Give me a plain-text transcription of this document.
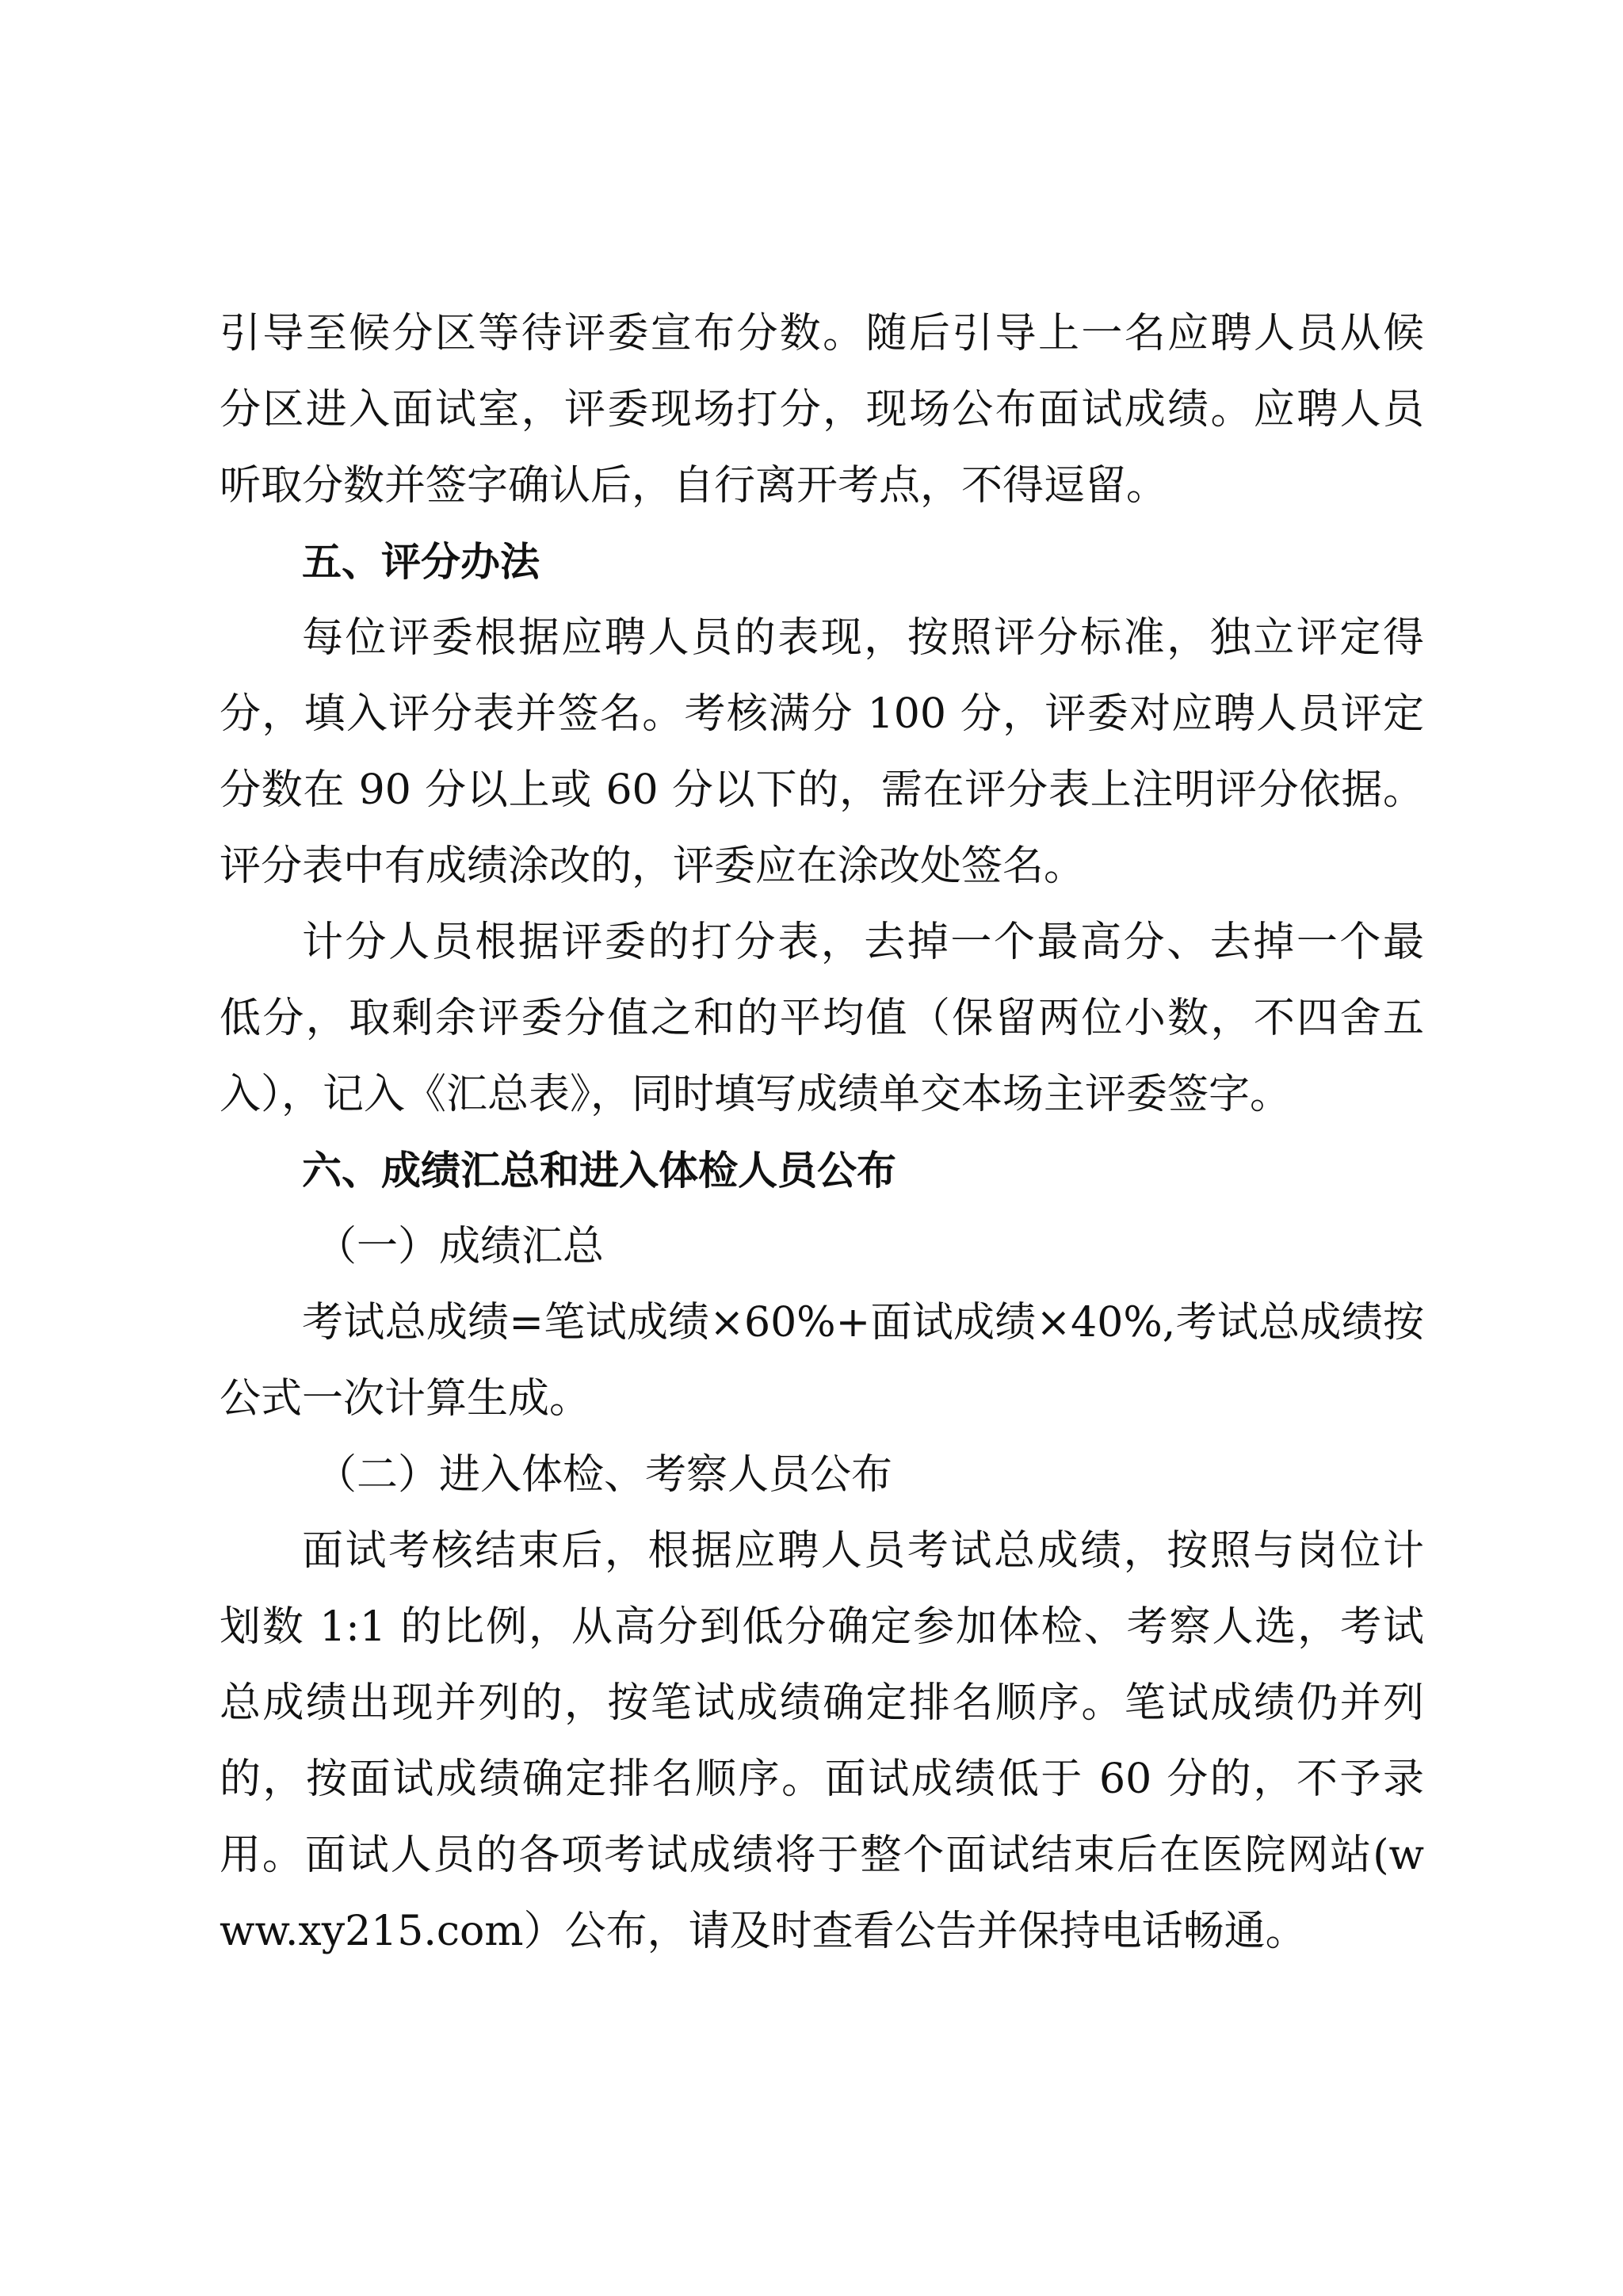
引导至候分区等待评委宣布分数。随后引导上一名应聘人员从候
分区进入面试室，评委现场打分，现场公布面试成绩。应聘人员
听取分数并签字确认后，自行离开考点，不得逗留。
五、评分办法
每位评委根据应聘人员的表现，按照评分标准，独立评定得
分，填入评分表并签名。考核满分 100 分，评委对应聘人员评定
分数在 90 分以上或 60 分以下的，需在评分表上注明评分依据。
评分表中有成绩涂改的，评委应在涂改处签名。
计分人员根据评委的打分表，去掉一个最高分、去掉一个最
低分，取剩余评委分值之和的平均值（保留两位小数，不四舍五
入），记入《汇总表》，同时填写成绩单交本场主评委签字。
六、成绩汇总和进入体检人员公布
（一）成绩汇总
考试总成绩=笔试成绩×60%+面试成绩×40%,考试总成绩按
公式一次计算生成。
（二）进入体检、考察人员公布
面试考核结束后，根据应聘人员考试总成绩，按照与岗位计
划数 1:1 的比例，从高分到低分确定参加体检、考察人选，考试
总成绩出现并列的，按笔试成绩确定排名顺序。笔试成绩仍并列
的，按面试成绩确定排名顺序。面试成绩低于 60 分的，不予录
用。面试人员的各项考试成绩将于整个面试结束后在医院网站(w
ww.xy215.com）公布，请及时查看公告并保持电话畅通。
